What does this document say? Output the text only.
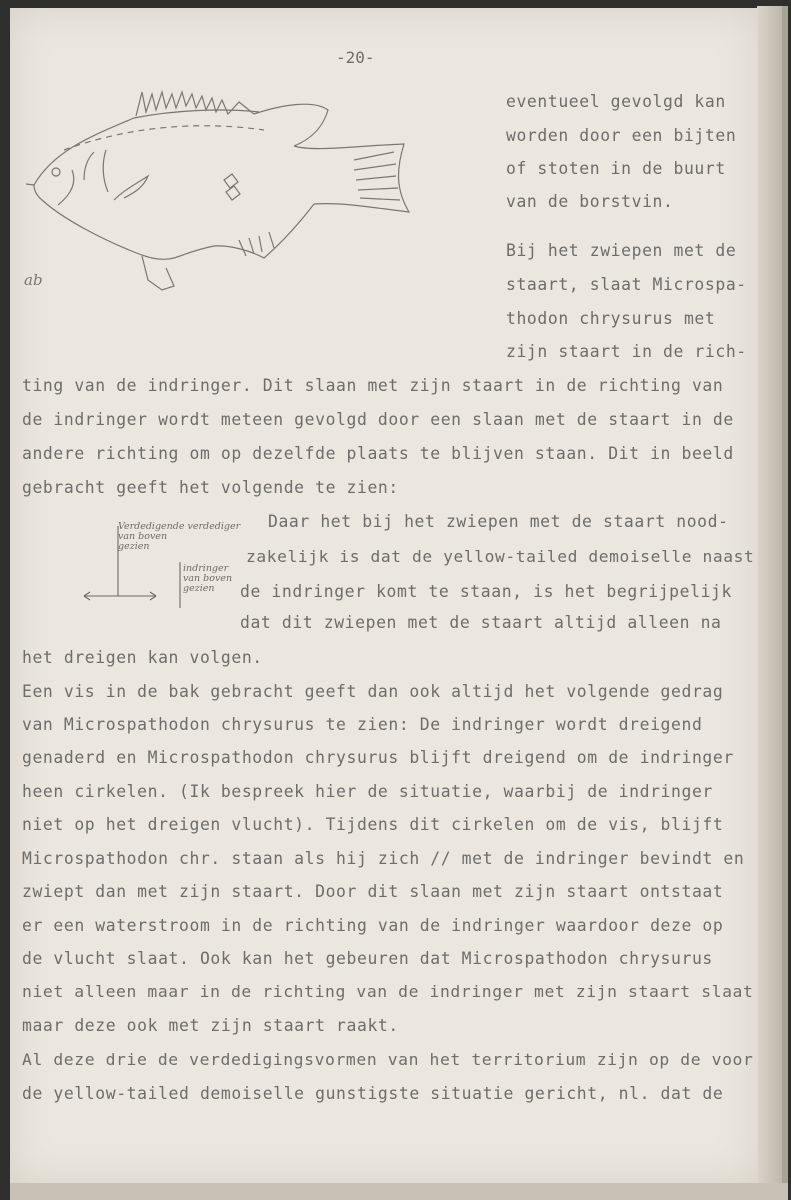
-20-
ab
eventueel gevolgd kan
worden door een bijten
of stoten in de buurt
van de borstvin.
Bij het zwiepen met de
staart, slaat Microspa-
thodon chrysurus met
zijn staart in de rich-
ting van de indringer. Dit slaan met zijn staart in de richting van
de indringer wordt meteen gevolgd door een slaan met de staart in de
andere richting om op dezelfde plaats te blijven staan. Dit in beeld
gebracht geeft het volgende te zien:
Verdedigende verdediger
van boven
gezien
indringer
van boven
gezien
Daar het bij het zwiepen met de staart nood-
zakelijk is dat de yellow-tailed demoiselle naast
de indringer komt te staan, is het begrijpelijk
dat dit zwiepen met de staart altijd alleen na
het dreigen kan volgen.
Een vis in de bak gebracht geeft dan ook altijd het volgende gedrag
van Microspathodon chrysurus te zien: De indringer wordt dreigend
genaderd en Microspathodon chrysurus blijft dreigend om de indringer
heen cirkelen. (Ik bespreek hier de situatie, waarbij de indringer
niet op het dreigen vlucht). Tijdens dit cirkelen om de vis, blijft
Microspathodon chr. staan als hij zich // met de indringer bevindt en
zwiept dan met zijn staart. Door dit slaan met zijn staart ontstaat
er een waterstroom in de richting van de indringer waardoor deze op
de vlucht slaat. Ook kan het gebeuren dat Microspathodon chrysurus
niet alleen maar in de richting van de indringer met zijn staart slaat
maar deze ook met zijn staart raakt.
Al deze drie de verdedigingsvormen van het territorium zijn op de voor
de yellow-tailed demoiselle gunstigste situatie gericht, nl. dat de
